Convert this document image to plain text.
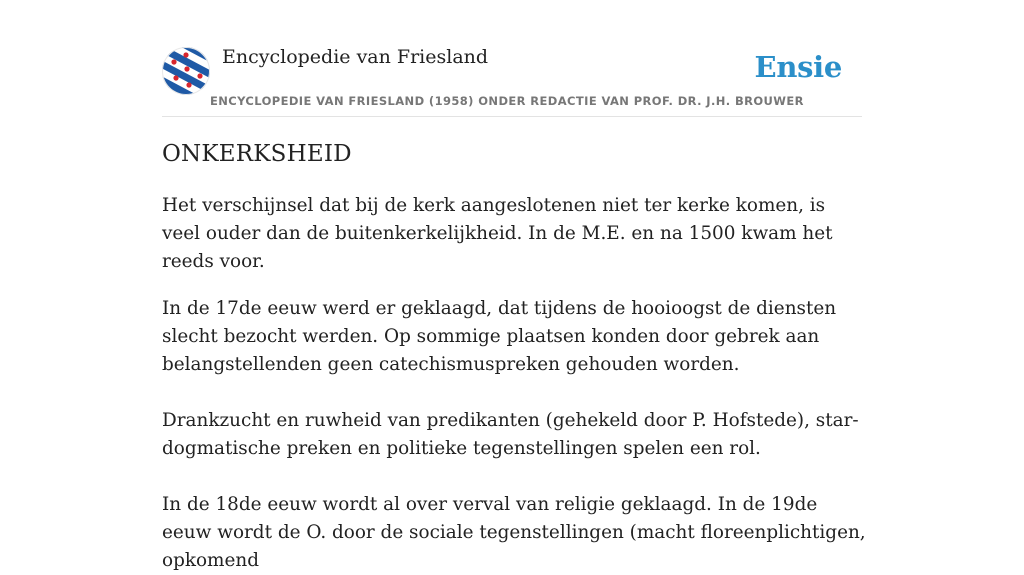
Encyclopedie van Friesland
ENCYCLOPEDIE VAN FRIESLAND (1958) ONDER REDACTIE VAN PROF. DR. J.H. BROUWER
Ensie
ONKERKSHEID

Het verschijnsel dat bij de kerk aangeslotenen niet ter kerke komen, is veel ouder dan de buitenkerkelijkheid. In de M.E. en na 1500 kwam het reeds voor.

In de 17de eeuw werd er geklaagd, dat tijdens de hooioogst de diensten slecht bezocht werden. Op sommige plaatsen konden door gebrek aan belangstellenden geen catechismuspreken gehouden worden.

Drankzucht en ruwheid van predikanten (gehekeld door P. Hofstede), star-dogmatische preken en politieke tegenstellingen spelen een rol.

In de 18de eeuw wordt al over verval van religie geklaagd. In de 19de eeuw wordt de O. door de sociale tegenstellingen (macht floreenplichtigen, opkomend
